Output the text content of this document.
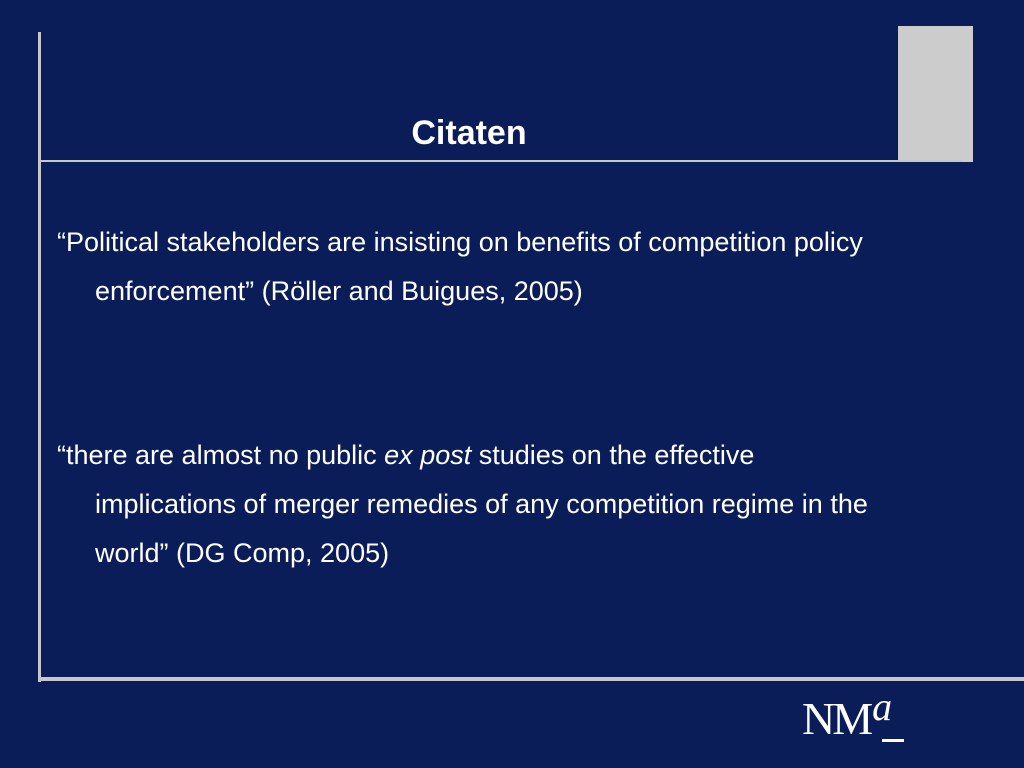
Citaten
“Political stakeholders are insisting on benefits of competition policy enforcement” (Röller and Buigues, 2005)
“there are almost no public ex post studies on the effective implications of merger remedies of any competition regime in the world” (DG Comp, 2005)
NMa
